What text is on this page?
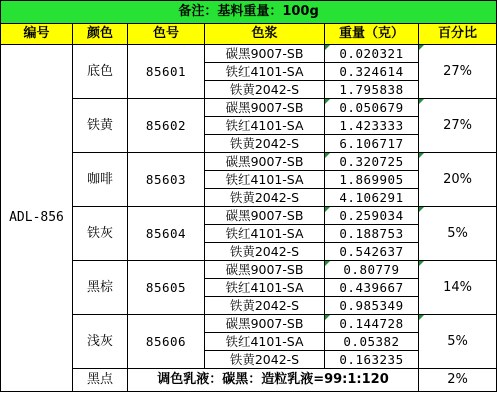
备注：基料重量：100g					
编号	颜色	色号	色浆	重量（克）	百分比
ADL-856	底色	85601	碳黑9007-SB	0.020321	27%
			铁红4101-SA	0.324614	
			铁黄2042-S	1.795838	
	铁黄	85602	碳黑9007-SB	0.050679	27%
			铁红4101-SA	1.423333	
			铁黄2042-S	6.106717	
	咖啡	85603	碳黑9007-SB	0.320725	20%
			铁红4101-SA	1.869905	
			铁黄2042-S	4.106291	
	铁灰	85604	碳黑9007-SB	0.259034	5%
			铁红4101-SA	0.188753	
			铁黄2042-S	0.542637	
	黑棕	85605	碳黑9007-SB	0.80779	14%
			铁红4101-SA	0.439667	
			铁黄2042-S	0.985349	
	浅灰	85606	碳黑9007-SB	0.144728	5%
			铁红4101-SA	0.05382	
			铁黄2042-S	0.163235	
	黑点	调色乳液：碳黑：造粒乳液=99:1:120			2%
